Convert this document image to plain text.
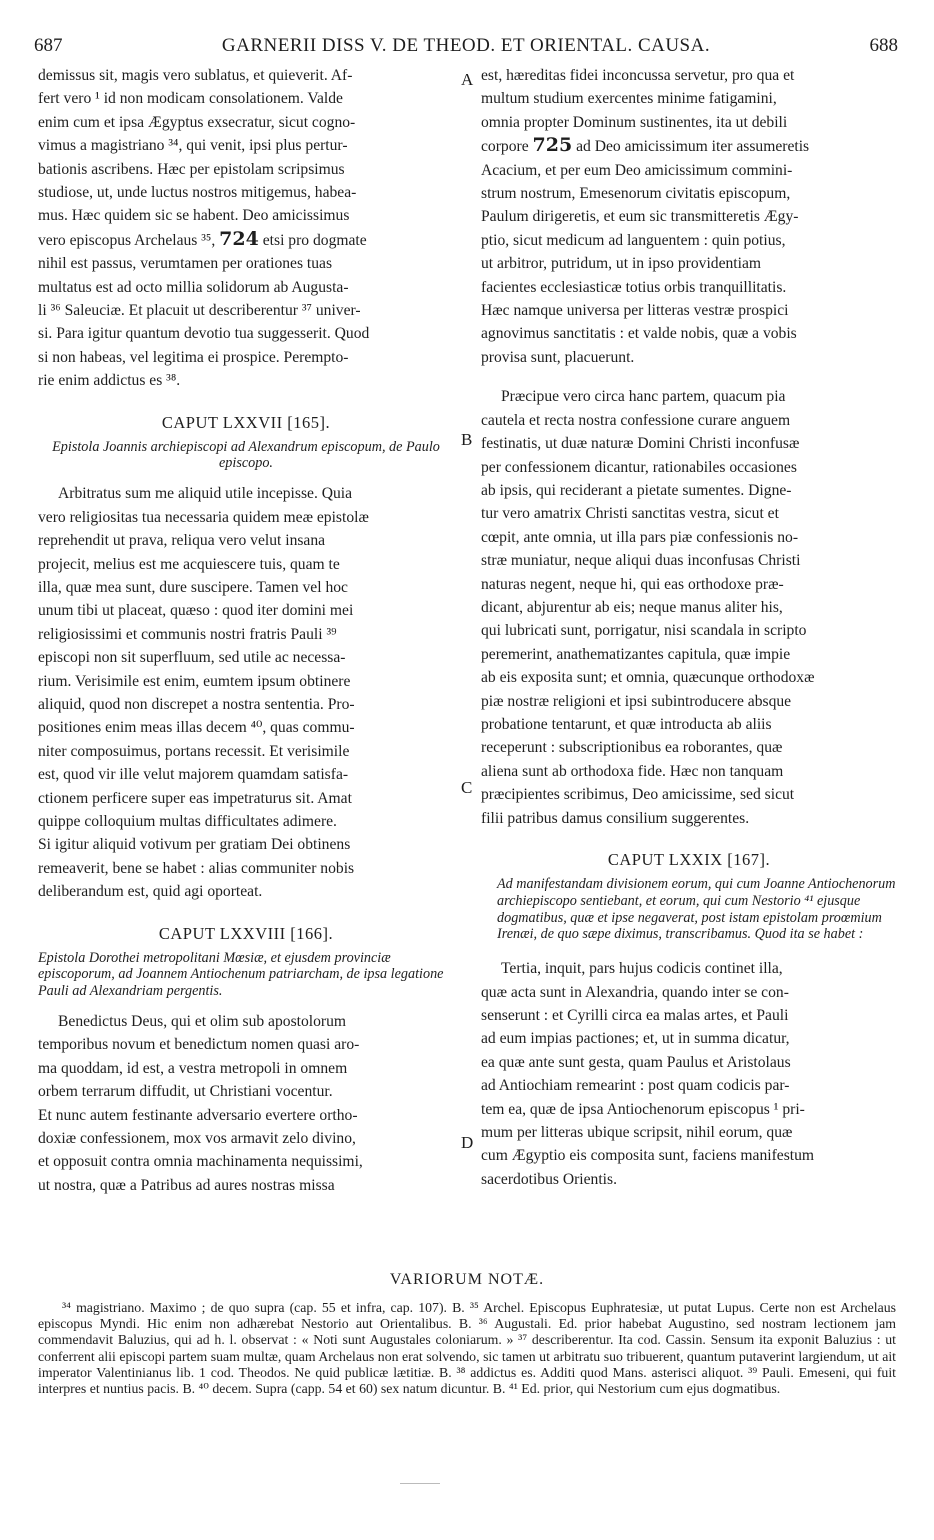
687	GARNERII DISS V. DE THEOD. ET ORIENTAL. CAUSA.	688

demissus sit, magis vero sublatus, et quieverit. Af-

fert vero ¹ id non modicam consolationem. Valde

enim cum et ipsa Ægyptus exsecratur, sicut cogno-

vimus a magistriano ³⁴, qui venit, ipsi plus pertur-

bationis ascribens. Hæc per epistolam scripsimus

studiose, ut, unde luctus nostros mitigemus, habea-

mus. Hæc quidem sic se habent. Deo amicissimus

vero episcopus Archelaus ³⁵, 724 etsi pro dogmate

nihil est passus, verumtamen per orationes tuas

multatus est ad octo millia solidorum ab Augusta-

li ³⁶ Saleuciæ. Et placuit ut describerentur ³⁷ univer-

si. Para igitur quantum devotio tua suggesserit. Quod

si non habeas, vel legitima ei prospice. Perempto-

rie enim addictus es ³⁸.

CAPUT LXXVII [165].
Epistola Joannis archiepiscopi ad Alexandrum episcopum, de Paulo episcopo.

Arbitratus sum me aliquid utile incepisse. Quia

vero religiositas tua necessaria quidem meæ epistolæ

reprehendit ut prava, reliqua vero velut insana

projecit, melius est me acquiescere tuis, quam te

illa, quæ mea sunt, dure suscipere. Tamen vel hoc

unum tibi ut placeat, quæso : quod iter domini mei

religiosissimi et communis nostri fratris Pauli ³⁹

episcopi non sit superfluum, sed utile ac necessa-

rium. Verisimile est enim, eumtem ipsum obtinere

aliquid, quod non discrepet a nostra sententia. Pro-

positiones enim meas illas decem ⁴⁰, quas commu-

niter composuimus, portans recessit. Et verisimile

est, quod vir ille velut majorem quamdam satisfa-

ctionem perficere super eas impetraturus sit. Amat

quippe colloquium multas difficultates adimere.

Si igitur aliquid votivum per gratiam Dei obtinens

remeaverit, bene se habet : alias communiter nobis

deliberandum est, quid agi oporteat.

CAPUT LXXVIII [166].
Epistola Dorothei metropolitani Mœsiæ, et ejusdem provinciæ episcoporum, ad Joannem Antiochenum patriarcham, de ipsa legatione Pauli ad Alexandriam pergentis.

Benedictus Deus, qui et olim sub apostolorum

temporibus novum et benedictum nomen quasi aro-

ma quoddam, id est, a vestra metropoli in omnem

orbem terrarum diffudit, ut Christiani vocentur.

Et nunc autem festinante adversario evertere ortho-

doxiæ confessionem, mox vos armavit zelo divino,

et opposuit contra omnia machinamenta nequissimi,

ut nostra, quæ a Patribus ad aures nostras missa

A
B
C
D

est, hæreditas fidei inconcussa servetur, pro qua et

multum studium exercentes minime fatigamini,

omnia propter Dominum sustinentes, ita ut debili

corpore 725 ad Deo amicissimum iter assumeretis

Acacium, et per eum Deo amicissimum commini-

strum nostrum, Emesenorum civitatis episcopum,

Paulum dirigeretis, et eum sic transmitteretis Ægy-

ptio, sicut medicum ad languentem : quin potius,

ut arbitror, putridum, ut in ipso providentiam

facientes ecclesiasticæ totius orbis tranquillitatis.

Hæc namque universa per litteras vestræ prospici

agnovimus sanctitatis : et valde nobis, quæ a vobis

provisa sunt, placuerunt.

Præcipue vero circa hanc partem, quacum pia

cautela et recta nostra confessione curare anguem

festinatis, ut duæ naturæ Domini Christi inconfusæ

per confessionem dicantur, rationabiles occasiones

ab ipsis, qui reciderant a pietate sumentes. Digne-

tur vero amatrix Christi sanctitas vestra, sicut et

cœpit, ante omnia, ut illa pars piæ confessionis no-

stræ muniatur, neque aliqui duas inconfusas Christi

naturas negent, neque hi, qui eas orthodoxe præ-

dicant, abjurentur ab eis; neque manus aliter his,

qui lubricati sunt, porrigatur, nisi scandala in scripto

peremerint, anathematizantes capitula, quæ impie

ab eis exposita sunt; et omnia, quæcunque orthodoxæ

piæ nostræ religioni et ipsi subintroducere absque

probatione tentarunt, et quæ introducta ab aliis

receperunt : subscriptionibus ea roborantes, quæ

aliena sunt ab orthodoxa fide. Hæc non tanquam

præcipientes scribimus, Deo amicissime, sed sicut

filii patribus damus consilium suggerentes.

CAPUT LXXIX [167].
Ad manifestandam divisionem eorum, qui cum Joanne Antiochenorum archiepiscopo sentiebant, et eorum, qui cum Nestorio ⁴¹ ejusque dogmatibus, quæ et ipse negaverat, post istam epistolam proœmium Irenæi, de quo sæpe diximus, transcribamus. Quod ita se habet :

Tertia, inquit, pars hujus codicis continet illa,

quæ acta sunt in Alexandria, quando inter se con-

senserunt : et Cyrilli circa ea malas artes, et Pauli

ad eum impias pactiones; et, ut in summa dicatur,

ea quæ ante sunt gesta, quam Paulus et Aristolaus

ad Antiochiam remearint : post quam codicis par-

tem ea, quæ de ipsa Antiochenorum episcopus ¹ pri-

mum per litteras ubique scripsit, nihil eorum, quæ

cum Ægyptio eis composita sunt, faciens manifestum

sacerdotibus Orientis.

VARIORUM NOTÆ.

³⁴ magistriano. Maximo ; de quo supra (cap. 55 et infra, cap. 107). B. ³⁵ Archel. Episcopus Euphratesiæ, ut putat Lupus. Certe non est Archelaus episcopus Myndi. Hic enim non adhærebat Nestorio aut Orientalibus. B. ³⁶ Augustali. Ed. prior habebat Augustino, sed nostram lectionem jam commendavit Baluzius, qui ad h. l. observat : « Noti sunt Augustales coloniarum. » ³⁷ describerentur. Ita cod. Cassin. Sensum ita exponit Baluzius : ut conferrent alii episcopi partem suam multæ, quam Archelaus non erat solvendo, sic tamen ut arbitratu suo tribuerent, quantum putaverint largiendum, ut ait imperator Valentinianus lib. 1 cod. Theodos. Ne quid publicæ lætitiæ. B. ³⁸ addictus es. Additi quod Mans. asterisci aliquot. ³⁹ Pauli. Emeseni, qui fuit interpres et nuntius pacis. B. ⁴⁰ decem. Supra (capp. 54 et 60) sex natum dicuntur. B. ⁴¹ Ed. prior, qui Nestorium cum ejus dogmatibus.
